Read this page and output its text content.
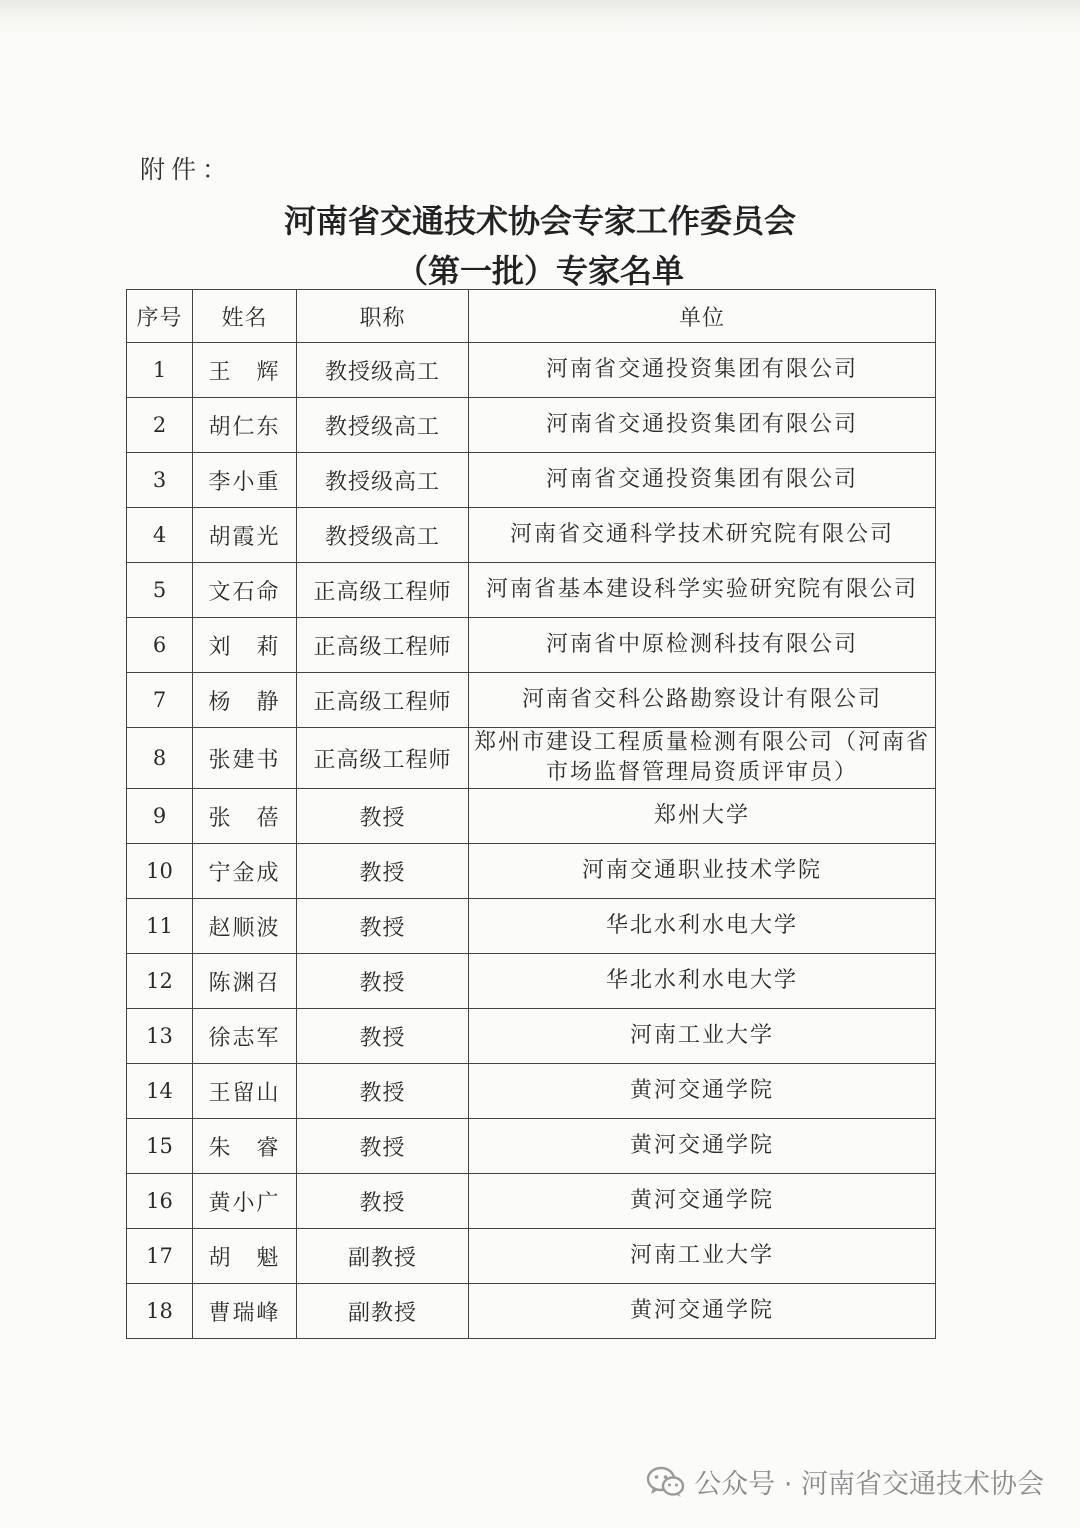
附件：
河南省交通技术协会专家工作委员会
（第一批）专家名单
序号	姓名	职称	单位
1	王　辉	教授级高工	河南省交通投资集团有限公司
2	胡仁东	教授级高工	河南省交通投资集团有限公司
3	李小重	教授级高工	河南省交通投资集团有限公司
4	胡霞光	教授级高工	河南省交通科学技术研究院有限公司
5	文石命	正高级工程师	河南省基本建设科学实验研究院有限公司
6	刘　莉	正高级工程师	河南省中原检测科技有限公司
7	杨　静	正高级工程师	河南省交科公路勘察设计有限公司
8	张建书	正高级工程师	郑州市建设工程质量检测有限公司（河南省市场监督管理局资质评审员）
9	张　蓓	教授	郑州大学
10	宁金成	教授	河南交通职业技术学院
11	赵顺波	教授	华北水利水电大学
12	陈渊召	教授	华北水利水电大学
13	徐志军	教授	河南工业大学
14	王留山	教授	黄河交通学院
15	朱　睿	教授	黄河交通学院
16	黄小广	教授	黄河交通学院
17	胡　魁	副教授	河南工业大学
18	曹瑞峰	副教授	黄河交通学院
公众号 · 河南省交通技术协会
